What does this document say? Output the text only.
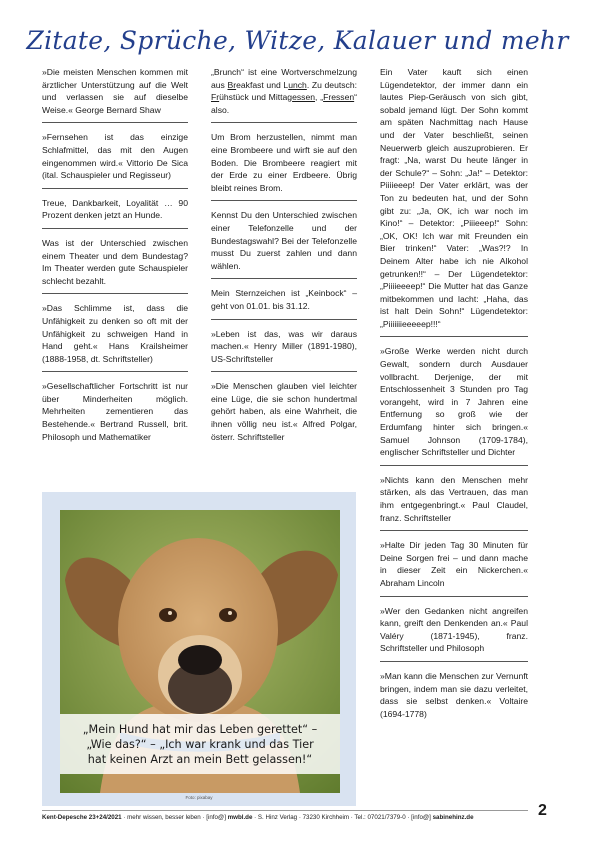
Zitate, Sprüche, Witze, Kalauer und mehr

»Die meisten Menschen kommen mit ärztlicher Unterstützung auf die Welt und verlassen sie auf dieselbe Weise.« George Bernard Shaw

»Fernsehen ist das einzige Schlafmittel, das mit den Augen eingenommen wird.« Vittorio De Sica (ital. Schauspieler und Regisseur)

Treue, Dankbarkeit, Loyalität … 90 Prozent denken jetzt an Hunde.

Was ist der Unterschied zwischen einem Theater und dem Bundestag? Im Theater werden gute Schauspieler schlecht bezahlt.

»Das Schlimme ist, dass die Unfähigkeit zu denken so oft mit der Unfähigkeit zu schweigen Hand in Hand geht.« Hans Krailsheimer (1888-1958, dt. Schriftsteller)

»Gesellschaftlicher Fortschritt ist nur über Minderheiten möglich. Mehrheiten zementieren das Bestehende.« Bertrand Russell, brit. Philosoph und Mathematiker

„Brunch“ ist eine Wortverschmelzung aus Breakfast und Lunch. Zu deutsch: Frühstück und Mittagessen, „Fressen“ also.

Um Brom herzustellen, nimmt man eine Brombeere und wirft sie auf den Boden. Die Brombeere reagiert mit der Erde zu einer Erdbeere. Übrig bleibt reines Brom.

Kennst Du den Unterschied zwischen einer Telefonzelle und der Bundestagswahl? Bei der Telefonzelle musst Du zuerst zahlen und dann wählen.

Mein Sternzeichen ist „Keinbock“ – geht von 01.01. bis 31.12.

»Leben ist das, was wir daraus machen.« Henry Miller (1891-1980), US-Schriftsteller

»Die Menschen glauben viel leichter eine Lüge, die sie schon hundertmal gehört haben, als eine Wahrheit, die ihnen völlig neu ist.« Alfred Polgar, österr. Schriftsteller

Ein Vater kauft sich einen Lügendetektor, der immer dann ein lautes Piep-Geräusch von sich gibt, sobald jemand lügt. Der Sohn kommt am späten Nachmittag nach Hause und der Vater beschließt, seinen Neuerwerb gleich auszuprobieren. Er fragt: „Na, warst Du heute länger in der Schule?“ – Sohn: „Ja!“ – Detektor: Piiiieeep! Der Vater erklärt, was der Ton zu bedeuten hat, und der Sohn gibt zu: „Ja, OK, ich war noch im Kino!“ – Detektor: „Piiieeep!“ Sohn: „OK, OK! Ich war mit Freunden ein Bier trinken!“ Vater: „Was?!? In Deinem Alter habe ich nie Alkohol getrunken!!“ – Der Lügendetektor: „Piiiieeeep!“ Die Mutter hat das Ganze mitbekommen und lacht: „Haha, das ist halt Dein Sohn!“ Lügendetektor: „Piiiiiiieeeeep!!!“

»Große Werke werden nicht durch Gewalt, sondern durch Ausdauer vollbracht. Derjenige, der mit Entschlossenheit 3 Stunden pro Tag vorangeht, wird in 7 Jahren eine Entfernung so groß wie der Erdumfang hinter sich bringen.« Samuel Johnson (1709-1784), englischer Schriftsteller und Dichter

»Nichts kann den Menschen mehr stärken, als das Vertrauen, das man ihm entgegenbringt.« Paul Claudel, franz. Schriftsteller

»Halte Dir jeden Tag 30 Minuten für Deine Sorgen frei – und dann mache in dieser Zeit ein Nickerchen.« Abraham Lincoln

»Wer den Gedanken nicht angreifen kann, greift den Denkenden an.« Paul Valéry (1871-1945), franz. Schriftsteller und Philosoph

»Man kann die Menschen zur Vernunft bringen, indem man sie dazu verleitet, dass sie selbst denken.« Voltaire (1694-1778)

„Mein Hund hat mir das Leben gerettet“ –
„Wie das?“ – „Ich war krank und das Tier
hat keinen Arzt an mein Bett gelassen!“
Foto: pixabay
Kent-Depesche 23+24/2021 · mehr wissen, besser leben · [info@] mwbl.de · S. Hinz Verlag · 73230 Kirchheim · Tel.: 07021/7379-0 · [info@] sabinehinz.de	2
